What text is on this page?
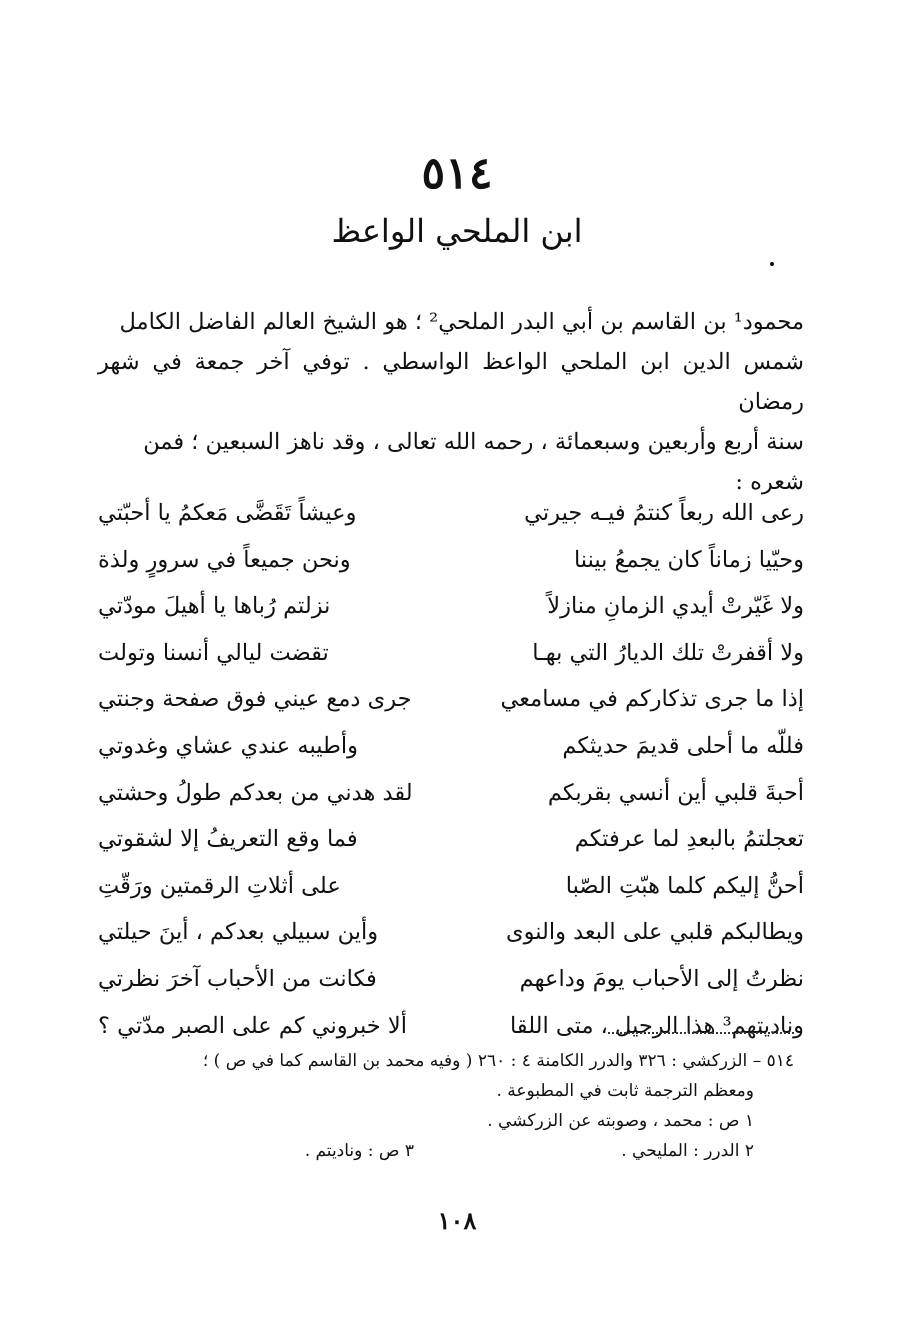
٥١٤
ابن الملحي الواعظ

محمود¹ بن القاسم بن أبي البدر الملحي² ؛ هو الشيخ العالم الفاضل الكامل

شمس الدين ابن الملحي الواعظ الواسطي . توفي آخر جمعة في شهر رمضان

سنة أربع وأربعين وسبعمائة ، رحمه الله تعالى ، وقد ناهز السبعين ؛ فمن

شعره :

رعى الله ربعاً كنتمُ فيـه جيرتي
وعيشاً تَقَضَّى مَعكمُ يا أحبّتي
وحيّيا زماناً كان يجمعُ بيننا
ونحن جميعاً في سرورٍ ولذة
ولا غَيّرتْ أيدي الزمانِ منازلاً
نزلتم رُباها يا أهيلَ مودّتي
ولا أقفرتْ تلك الديارُ التي بهـا
تقضت ليالي أنسنا وتولت
إذا ما جرى تذكاركم في مسامعي
جرى دمع عيني فوق صفحة وجنتي
فللّه ما أحلى قديمَ حديثكم
وأطيبه عندي عشاي وغدوتي
أحبةَ قلبي أين أنسي بقربكم
لقد هدني من بعدكم طولُ وحشتي
تعجلتمُ بالبعدِ لما عرفتكم
فما وقع التعريفُ إلا لشقوتي
أحنُّ إليكم كلما هبّتِ الصّبا
على أثلاتِ الرقمتين ورَقّتِ
ويطالبكم قلبي على البعد والنوى
وأين سبيلي بعدكم ، أينَ حيلتي
نظرتُ إلى الأحباب يومَ وداعهم
فكانت من الأحباب آخرَ نظرتي
وناديتهم³ هذا الرحيل ، متى اللقا
ألا خبروني كم على الصبر مدّتي ؟

٥١٤ – الزركشي : ٣٢٦ والدرر الكامنة ٤ : ٢٦٠ ( وفيه محمد بن القاسم كما في ص ) ؛

ومعظم الترجمة ثابت في المطبوعة .

١ ص : محمد ، وصوبته عن الزركشي .

٢ الدرر : المليحي .
٣ ص : وناديتم .
١٠٨
